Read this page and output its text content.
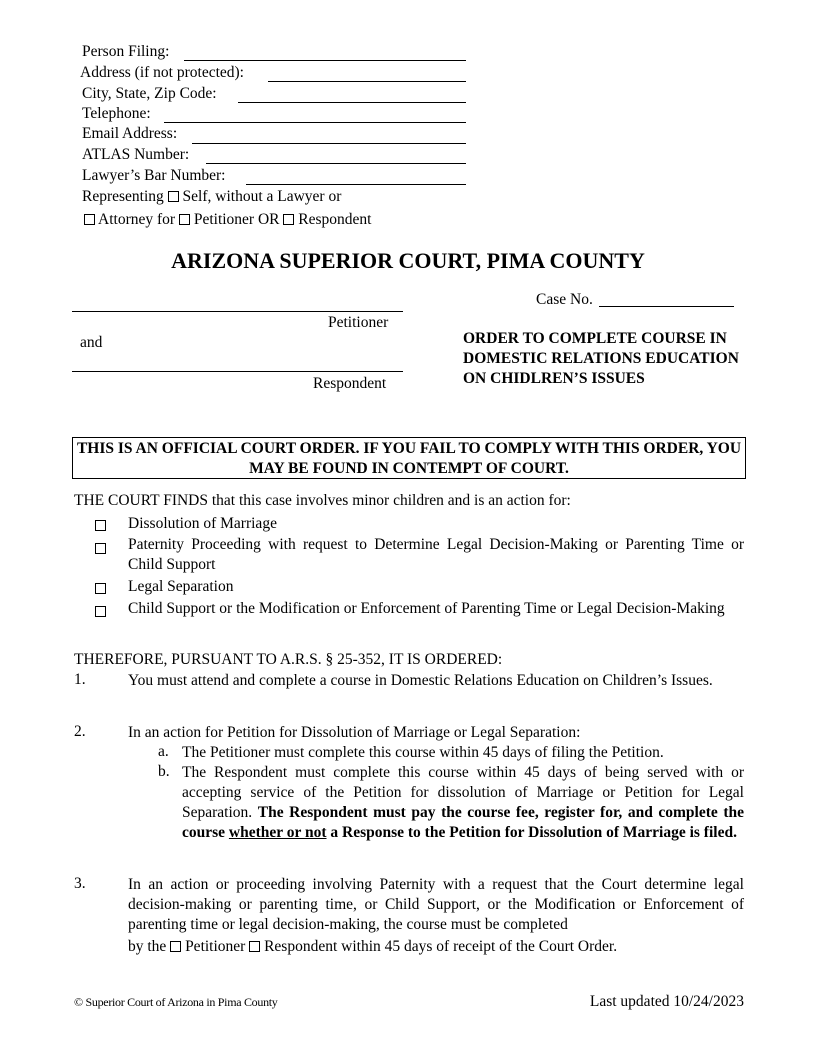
Person Filing:
Address (if not protected):
City, State, Zip Code:
Telephone:
Email Address:
ATLAS Number:
Lawyer’s Bar Number:
Representing Self, without a Lawyer or
Attorney for Petitioner OR Respondent
ARIZONA SUPERIOR COURT, PIMA COUNTY
Petitioner
and
Respondent
Case No.
ORDER TO COMPLETE COURSE IN DOMESTIC RELATIONS EDUCATION ON CHIDLREN’S ISSUES
THIS IS AN OFFICIAL COURT ORDER. IF YOU FAIL TO COMPLY WITH THIS ORDER, YOU MAY BE FOUND IN CONTEMPT OF COURT.
THE COURT FINDS that this case involves minor children and is an action for:
Dissolution of Marriage
Paternity Proceeding with request to Determine Legal Decision-Making or Parenting Time or Child Support
Legal Separation
Child Support or the Modification or Enforcement of Parenting Time or Legal Decision-Making
THEREFORE, PURSUANT TO A.R.S. § 25-352, IT IS ORDERED:
1.	You must attend and complete a course in Domestic Relations Education on Children’s Issues.
2.	In an action for Petition for Dissolution of Marriage or Legal Separation:
a. The Petitioner must complete this course within 45 days of filing the Petition.
b. The Respondent must complete this course within 45 days of being served with or accepting service of the Petition for dissolution of Marriage or Petition for Legal Separation. The Respondent must pay the course fee, register for, and complete the course whether or not a Response to the Petition for Dissolution of Marriage is filed.
3.	In an action or proceeding involving Paternity with a request that the Court determine legal decision-making or parenting time, or Child Support, or the Modification or Enforcement of parenting time or legal decision-making, the course must be completed
by the Petitioner Respondent within 45 days of receipt of the Court Order.
© Superior Court of Arizona in Pima County	Last updated 10/24/2023
